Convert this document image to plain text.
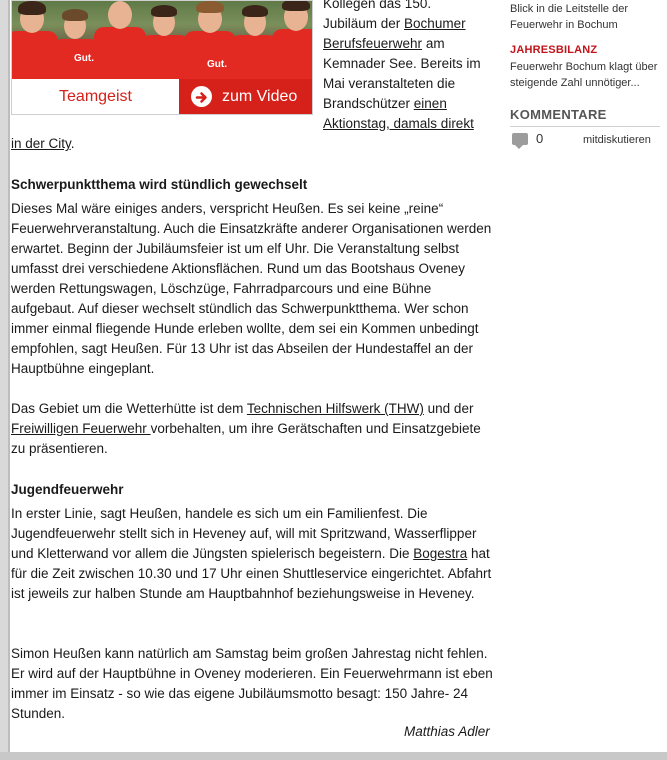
Gut.
Gut.
Teamgeist	zum Video
Kollegen das 150.
Jubiläum der Bochumer Berufsfeuerwehr am Kemnader See. Bereits im Mai veranstalteten die Brandschützer einen Aktionstag, damals direkt
in der City.
Schwerpunktthema wird stündlich gewechselt
Dieses Mal wäre einiges anders, verspricht Heußen. Es sei keine „reine“ Feuerwehrveranstaltung. Auch die Einsatzkräfte anderer Organisationen werden erwartet. Beginn der Jubiläumsfeier ist um elf Uhr. Die Veranstaltung selbst umfasst drei verschiedene Aktionsflächen. Rund um das Bootshaus Oveney werden Rettungswagen, Löschzüge, Fahrradparcours und eine Bühne aufgebaut. Auf dieser wechselt stündlich das Schwerpunktthema. Wer schon immer einmal fliegende Hunde erleben wollte, dem sei ein Kommen unbedingt empfohlen, sagt Heußen. Für 13 Uhr ist das Abseilen der Hundestaffel an der Hauptbühne eingeplant.
Das Gebiet um die Wetterhütte ist dem Technischen Hilfswerk (THW) und der Freiwilligen Feuerwehr vorbehalten, um ihre Gerätschaften und Einsatzgebiete zu präsentieren.
Jugendfeuerwehr
In erster Linie, sagt Heußen, handele es sich um ein Familienfest. Die Jugendfeuerwehr stellt sich in Heveney auf, will mit Spritzwand, Wasserflipper und Kletterwand vor allem die Jüngsten spielerisch begeistern. Die Bogestra hat für die Zeit zwischen 10.30 und 17 Uhr einen Shuttleservice eingerichtet. Abfahrt ist jeweils zur halben Stunde am Hauptbahnhof beziehungsweise in Heveney.
Simon Heußen kann natürlich am Samstag beim großen Jahrestag nicht fehlen. Er wird auf der Hauptbühne in Oveney moderieren. Ein Feuerwehrmann ist eben immer im Einsatz - so wie das eigene Jubiläumsmotto besagt: 150 Jahre- 24 Stunden.
Matthias Adler
Blick in die Leitstelle der Feuerwehr in Bochum
JAHRESBILANZ
Feuerwehr Bochum klagt über steigende Zahl unnötiger...
KOMMENTARE
0	mitdiskutieren
